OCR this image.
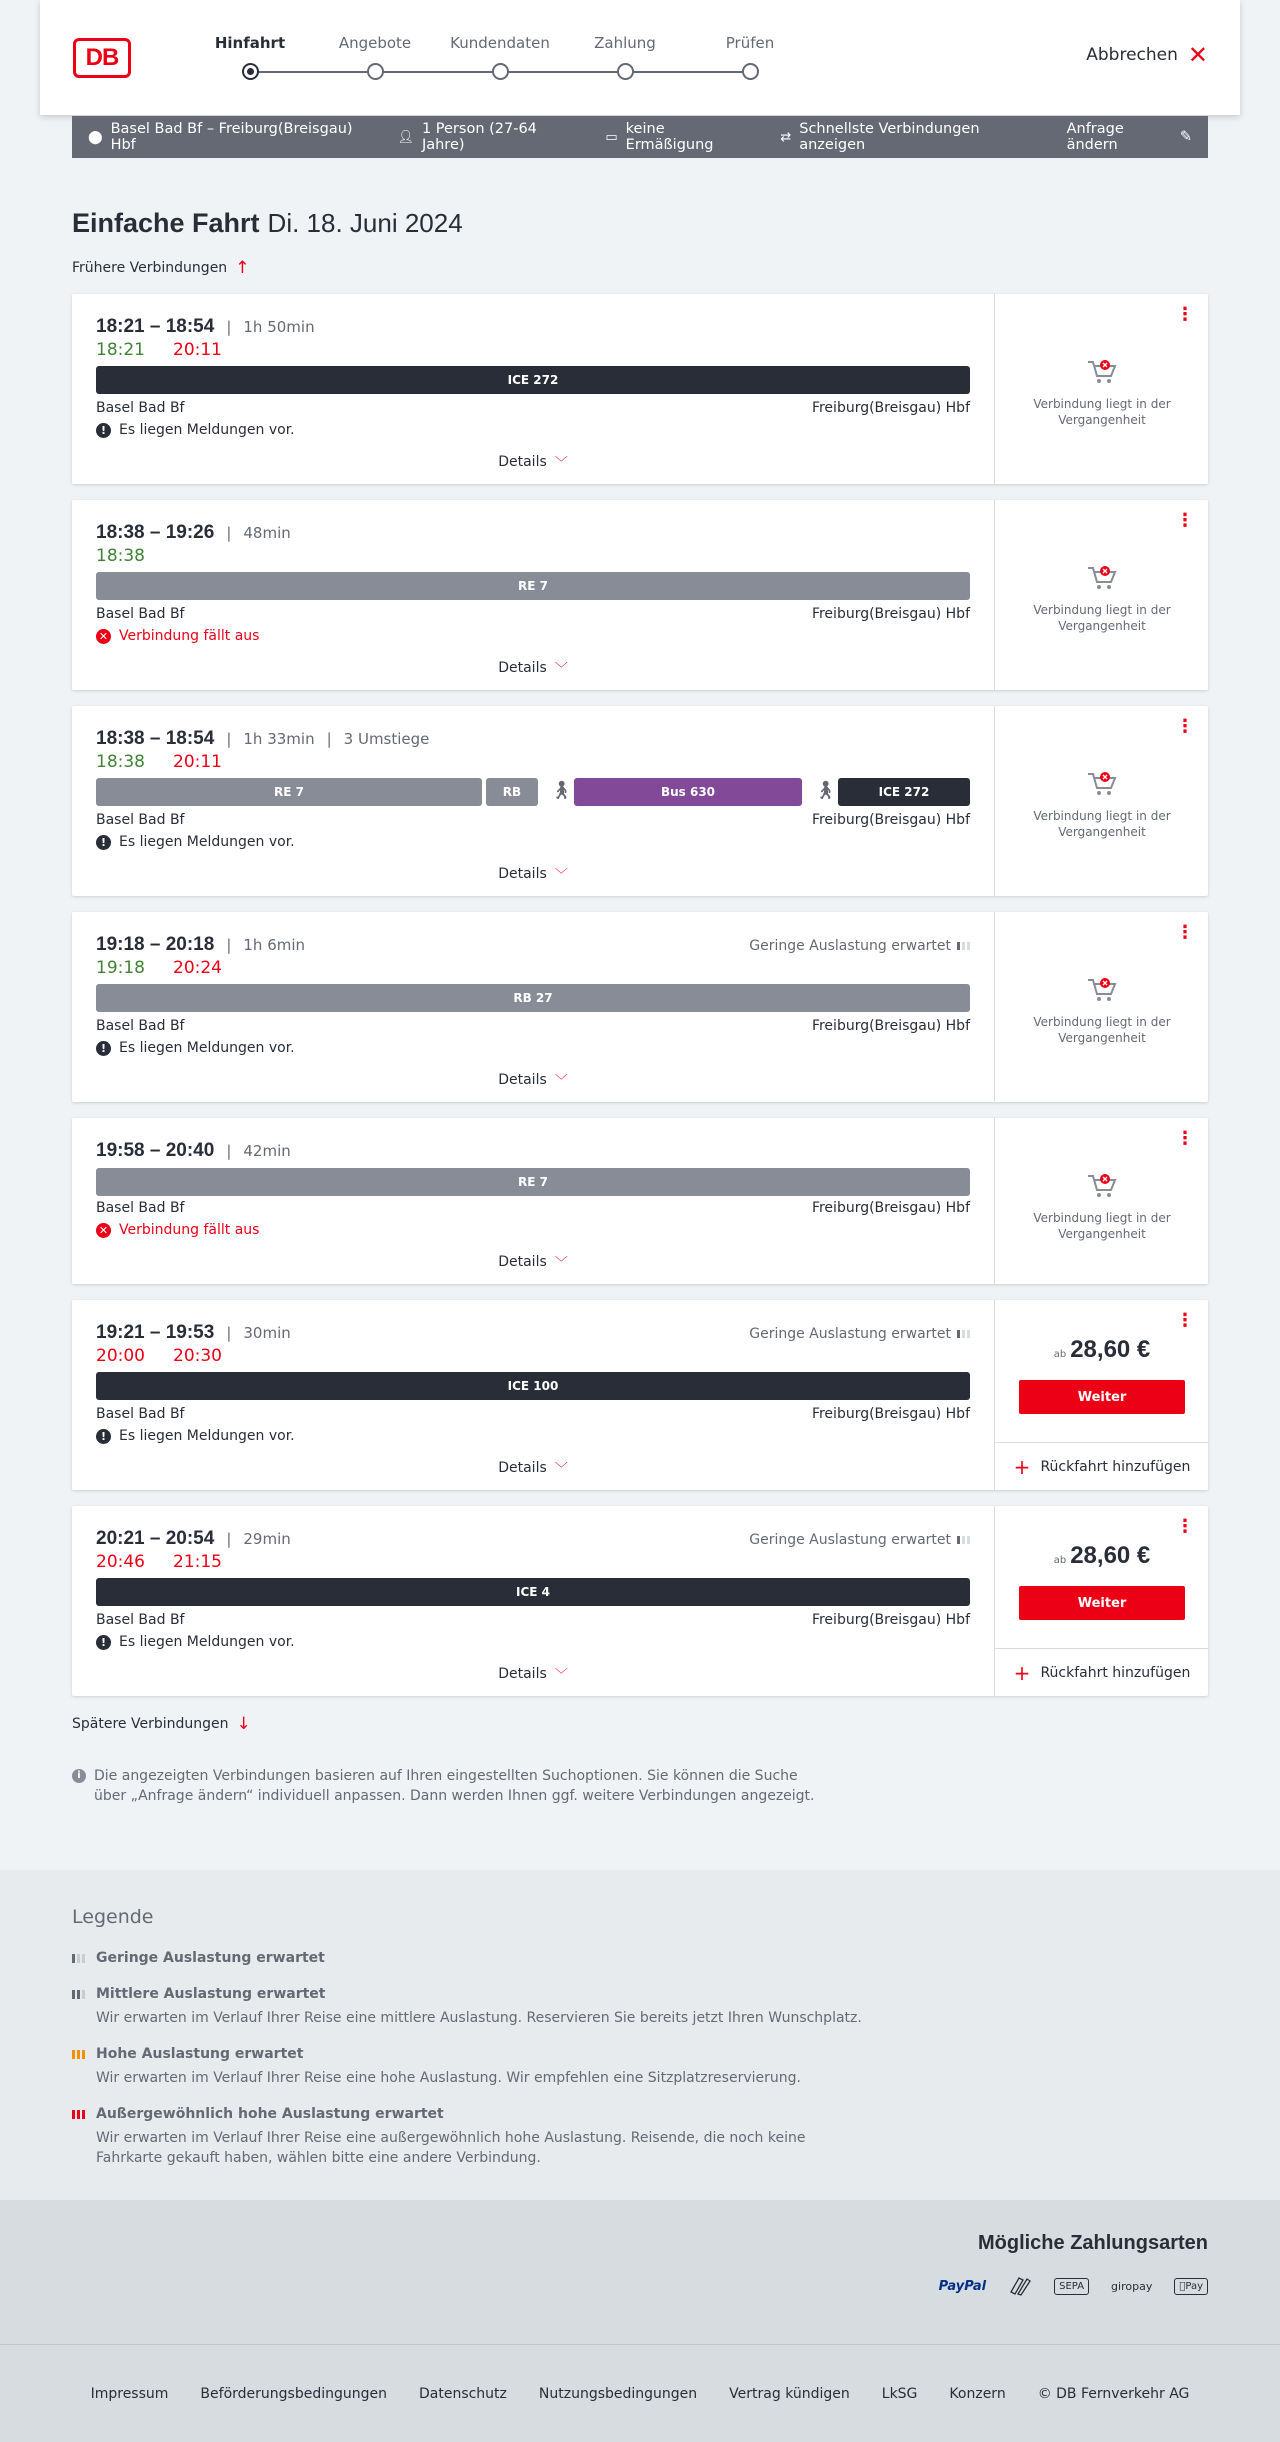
DB
Hinfahrt	Angebote	Kundendaten	Zahlung	Prüfen
Abbrechen ✕
⬤ Basel Bad Bf – Freiburg(Breisgau) Hbf	👤︎ 1 Person (27-64 Jahre)	▭ keine Ermäßigung	⇄ Schnellste Verbindungen anzeigen
Anfrage ändern	✎
Einfache Fahrt Di. 18. Juni 2024
Frühere Verbindungen ↑
18:21 – 18:54 | 1h 50min
18:21 20:11
ICE 272
Basel Bad Bf	Freiburg(Breisgau) Hbf
! Es liegen Meldungen vor.
Details ﹀
⋮
Verbindung liegt in der Vergangenheit
18:38 – 19:26 | 48min
18:38
RE 7
Basel Bad Bf	Freiburg(Breisgau) Hbf
✕ Verbindung fällt aus
Details ﹀
⋮
Verbindung liegt in der Vergangenheit
18:38 – 18:54 | 1h 33min | 3 Umstiege
18:38 20:11
RE 7	RB	🚶︎	Bus 630	🚶︎	ICE 272
Basel Bad Bf	Freiburg(Breisgau) Hbf
! Es liegen Meldungen vor.
Details ﹀
⋮
Verbindung liegt in der Vergangenheit
19:18 – 20:18 | 1h 6min	Geringe Auslastung erwartet
19:18 20:24
RB 27
Basel Bad Bf	Freiburg(Breisgau) Hbf
! Es liegen Meldungen vor.
Details ﹀
⋮
Verbindung liegt in der Vergangenheit
19:58 – 20:40 | 42min
RE 7
Basel Bad Bf	Freiburg(Breisgau) Hbf
✕ Verbindung fällt aus
Details ﹀
⋮
Verbindung liegt in der Vergangenheit
19:21 – 19:53 | 30min	Geringe Auslastung erwartet
20:00 20:30
ICE 100
Basel Bad Bf	Freiburg(Breisgau) Hbf
! Es liegen Meldungen vor.
Details ﹀
⋮
ab 28,60 €
Weiter
+ Rückfahrt hinzufügen
20:21 – 20:54 | 29min	Geringe Auslastung erwartet
20:46 21:15
ICE 4
Basel Bad Bf	Freiburg(Breisgau) Hbf
! Es liegen Meldungen vor.
Details ﹀
⋮
ab 28,60 €
Weiter
+ Rückfahrt hinzufügen
Spätere Verbindungen ↓
i Die angezeigten Verbindungen basieren auf Ihren eingestellten Suchoptionen. Sie können die Suche über „Anfrage ändern“ individuell anpassen. Dann werden Ihnen ggf. weitere Verbindungen angezeigt.
Legende
Geringe Auslastung erwartet
Mittlere Auslastung erwartet
Wir erwarten im Verlauf Ihrer Reise eine mittlere Auslastung. Reservieren Sie bereits jetzt Ihren Wunschplatz.
Hohe Auslastung erwartet
Wir erwarten im Verlauf Ihrer Reise eine hohe Auslastung. Wir empfehlen eine Sitzplatzreservierung.
Außergewöhnlich hohe Auslastung erwartet
Wir erwarten im Verlauf Ihrer Reise eine außergewöhnlich hohe Auslastung. Reisende, die noch keine Fahrkarte gekauft haben, wählen bitte eine andere Verbindung.
Mögliche Zahlungsarten
PayPal	SEPA	giropay	Pay
Impressum Beförderungsbedingungen Datenschutz Nutzungsbedingungen Vertrag kündigen LkSG Konzern © DB Fernverkehr AG
